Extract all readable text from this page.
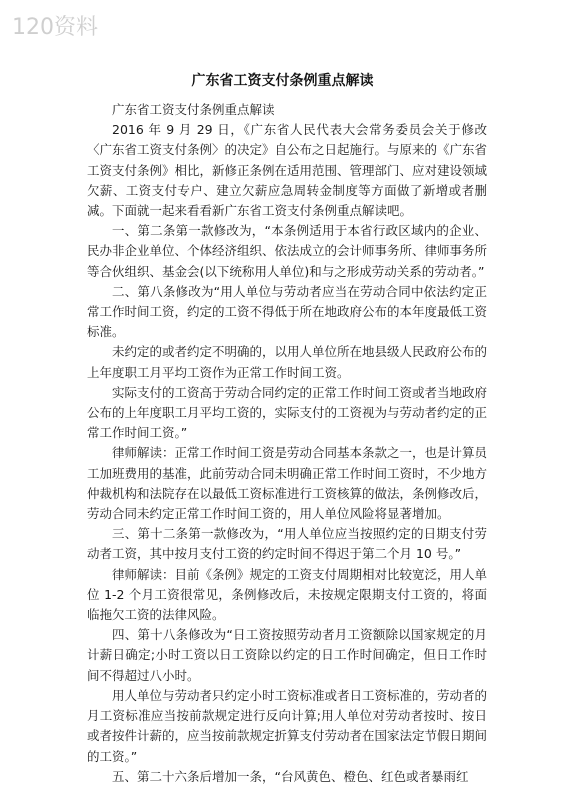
120资料
广东省工资支付条例重点解读

广东省工资支付条例重点解读

2016 年 9 月 29 日，《广东省人民代表大会常务委员会关于修改〈广东省工资支付条例〉的决定》自公布之日起施行。与原来的《广东省工资支付条例》相比，新修正条例在适用范围、管理部门、应对建设领域欠薪、工资支付专户、建立欠薪应急周转金制度等方面做了新增或者删减。下面就一起来看看新广东省工资支付条例重点解读吧。

一、第二条第一款修改为，“本条例适用于本省行政区域内的企业、民办非企业单位、个体经济组织、依法成立的会计师事务所、律师事务所等合伙组织、基金会(以下统称用人单位)和与之形成劳动关系的劳动者。”

二、第八条修改为“用人单位与劳动者应当在劳动合同中依法约定正常工作时间工资，约定的工资不得低于所在地政府公布的本年度最低工资标准。

未约定的或者约定不明确的，以用人单位所在地县级人民政府公布的上年度职工月平均工资作为正常工作时间工资。

实际支付的工资高于劳动合同约定的正常工作时间工资或者当地政府公布的上年度职工月平均工资的，实际支付的工资视为与劳动者约定的正常工作时间工资。”

律师解读：正常工作时间工资是劳动合同基本条款之一，也是计算员工加班费用的基准，此前劳动合同未明确正常工作时间工资时，不少地方仲裁机构和法院存在以最低工资标准进行工资核算的做法，条例修改后，劳动合同未约定正常工作时间工资的，用人单位风险将显著增加。

三、第十二条第一款修改为，“用人单位应当按照约定的日期支付劳动者工资，其中按月支付工资的约定时间不得迟于第二个月 10 号。”

律师解读：目前《条例》规定的工资支付周期相对比较宽泛，用人单位 1-2 个月工资很常见，条例修改后，未按规定限期支付工资的，将面临拖欠工资的法律风险。

四、第十八条修改为“日工资按照劳动者月工资额除以国家规定的月计薪日确定;小时工资以日工资除以约定的日工作时间确定，但日工作时间不得超过八小时。

用人单位与劳动者只约定小时工资标准或者日工资标准的，劳动者的月工资标准应当按前款规定进行反向计算;用人单位对劳动者按时、按日或者按件计薪的，应当按前款规定折算支付劳动者在国家法定节假日期间的工资。”

五、第二十六条后增加一条，“台风黄色、橙色、红色或者暴雨红
